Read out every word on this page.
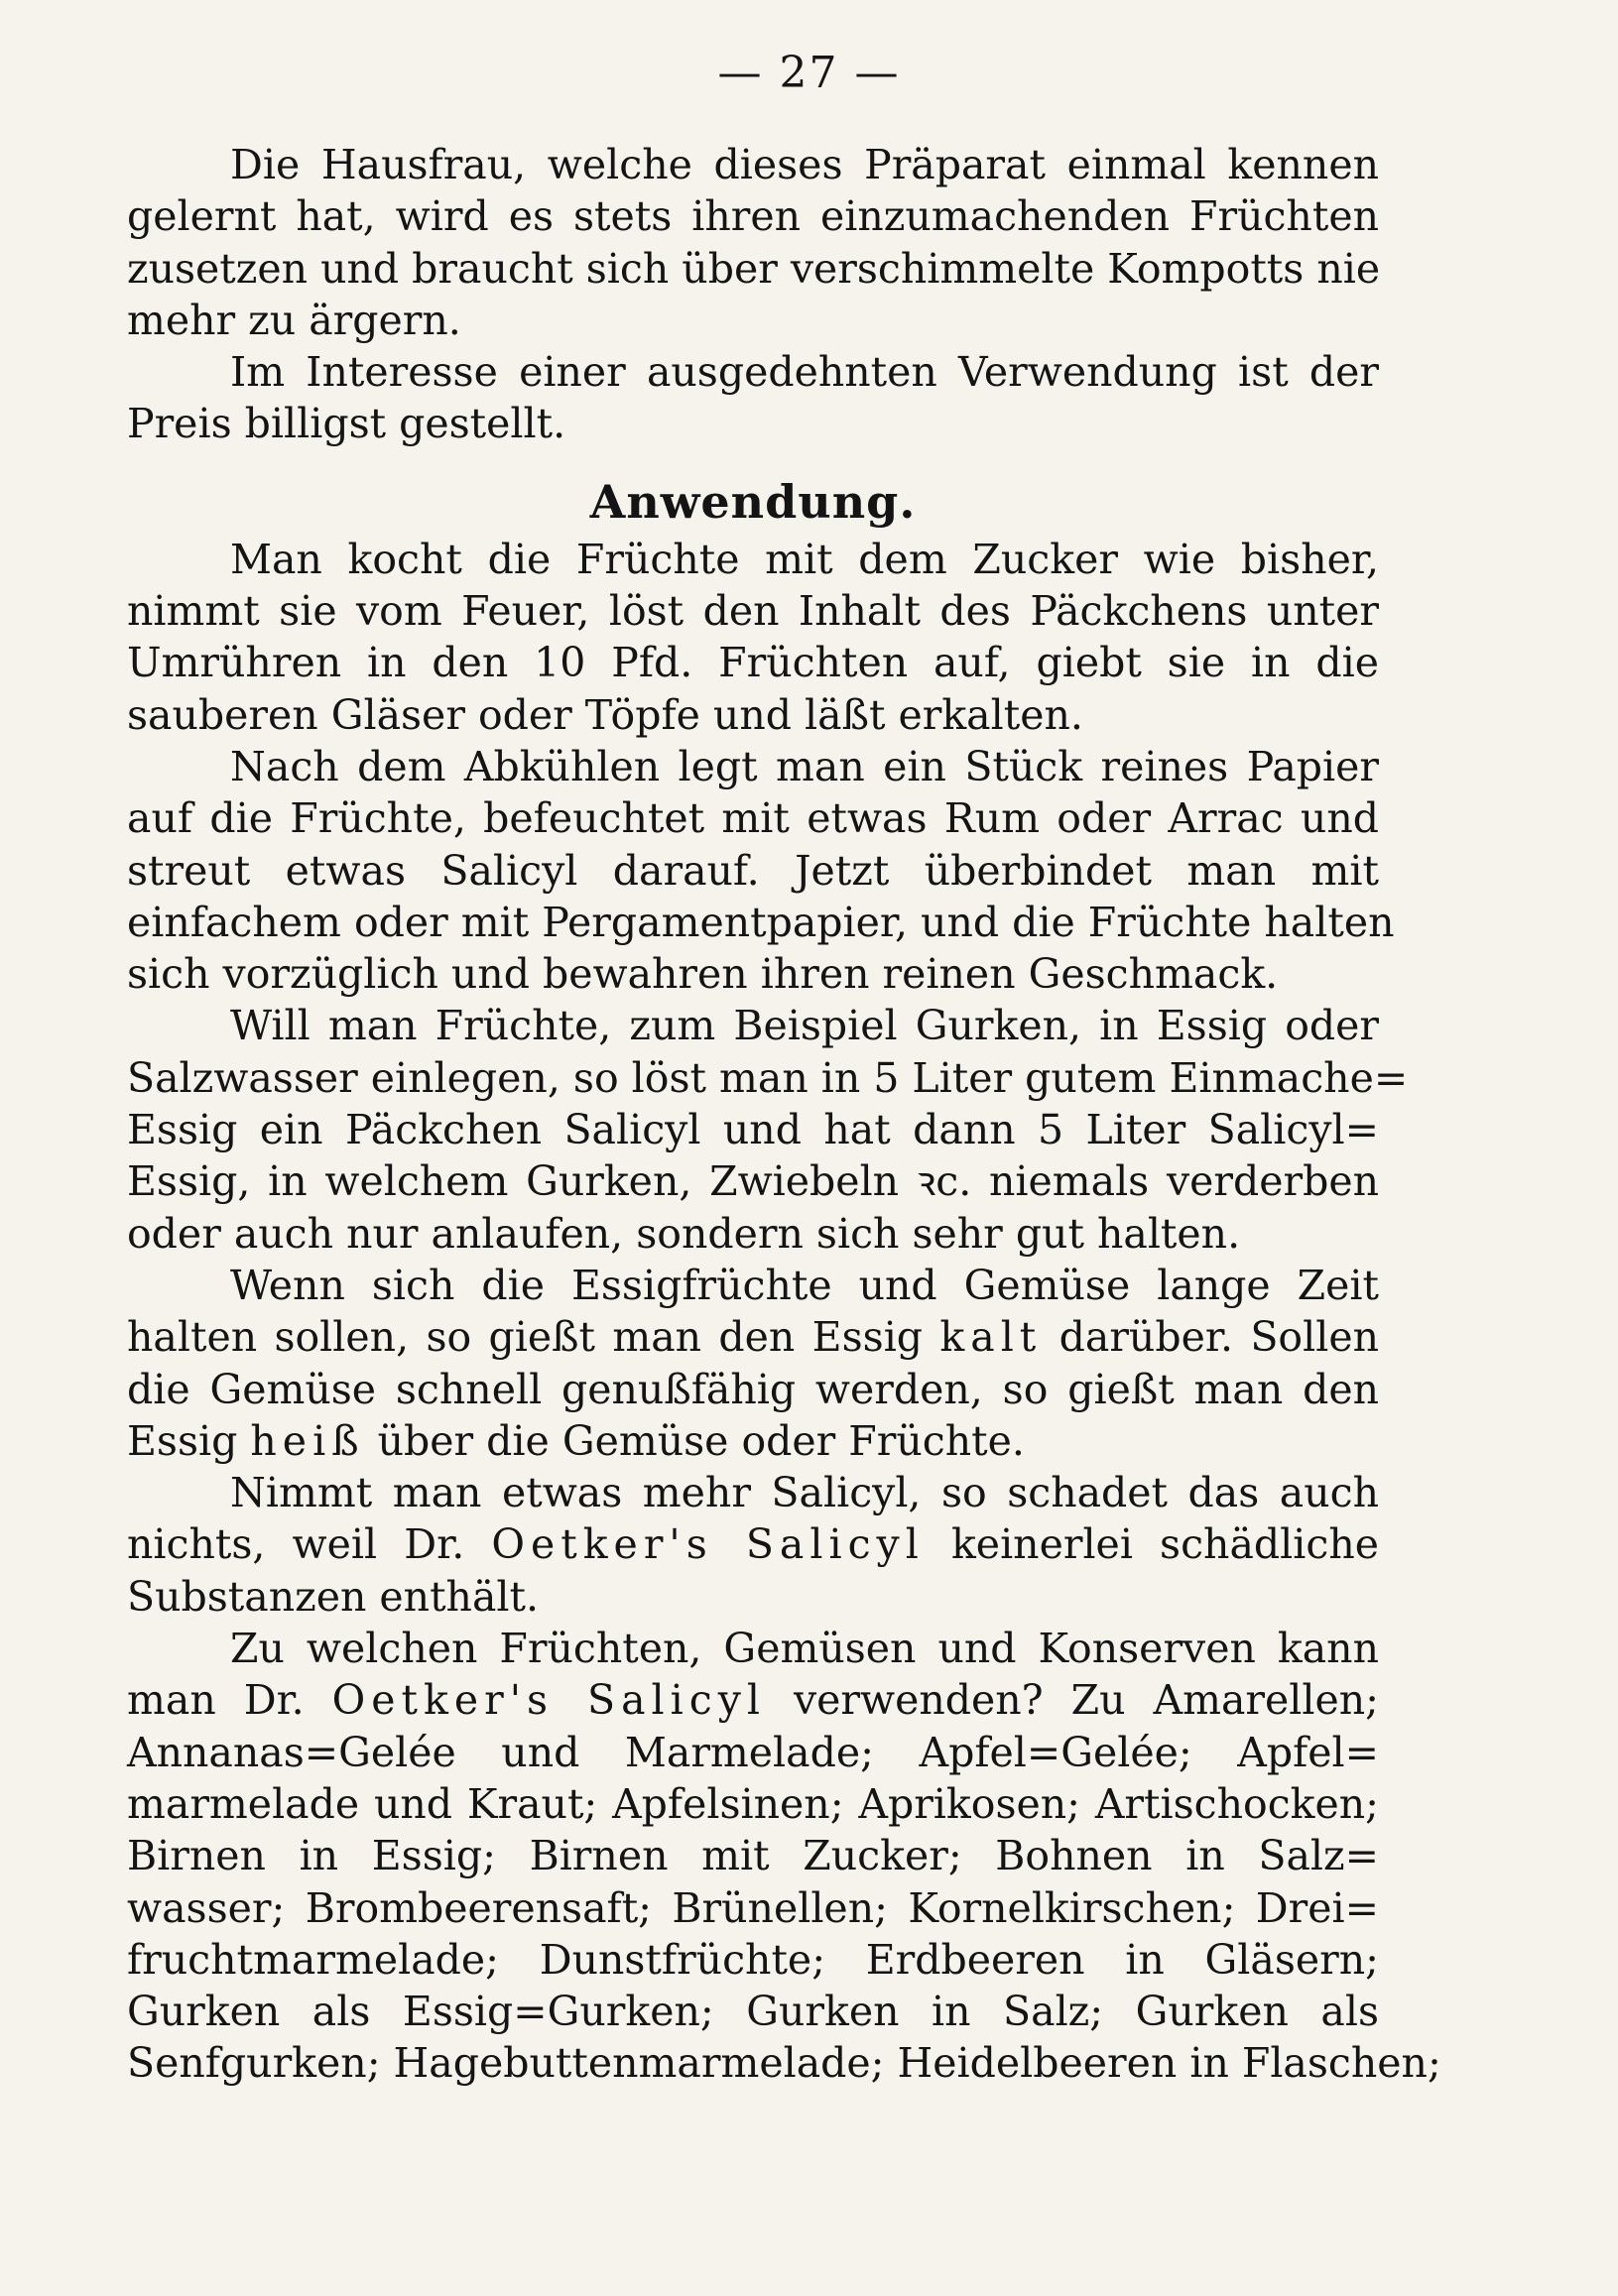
— 27 —
Die Hausfrau, welche dieses Präparat einmal kennen
gelernt hat, wird es stets ihren einzumachenden Früchten
zusetzen und braucht sich über verschimmelte Kompotts nie
mehr zu ärgern.
Im Interesse einer ausgedehnten Verwendung ist der
Preis billigst gestellt.
Anwendung.
Man kocht die Früchte mit dem Zucker wie bisher,
nimmt sie vom Feuer, löst den Inhalt des Päckchens unter
Umrühren in den 10 Pfd. Früchten auf, giebt sie in die
sauberen Gläser oder Töpfe und läßt erkalten.
Nach dem Abkühlen legt man ein Stück reines Papier
auf die Früchte, befeuchtet mit etwas Rum oder Arrac und
streut etwas Salicyl darauf. Jetzt überbindet man mit
einfachem oder mit Pergamentpapier, und die Früchte halten
sich vorzüglich und bewahren ihren reinen Geschmack.
Will man Früchte, zum Beispiel Gurken, in Essig oder
Salzwasser einlegen, so löst man in 5 Liter gutem Einmache=
Essig ein Päckchen Salicyl und hat dann 5 Liter Salicyl=
Essig, in welchem Gurken, Zwiebeln ꝛc. niemals verderben
oder auch nur anlaufen, sondern sich sehr gut halten.
Wenn sich die Essigfrüchte und Gemüse lange Zeit
halten sollen, so gießt man den Essig kalt darüber. Sollen
die Gemüse schnell genußfähig werden, so gießt man den
Essig heiß über die Gemüse oder Früchte.
Nimmt man etwas mehr Salicyl, so schadet das auch
nichts, weil Dr. Oetker's Salicyl keinerlei schädliche
Substanzen enthält.
Zu welchen Früchten, Gemüsen und Konserven kann
man Dr. Oetker's Salicyl verwenden? Zu Amarellen;
Annanas=Gelée und Marmelade; Apfel=Gelée; Apfel=
marmelade und Kraut; Apfelsinen; Aprikosen; Artischocken;
Birnen in Essig; Birnen mit Zucker; Bohnen in Salz=
wasser; Brombeerensaft; Brünellen; Kornelkirschen; Drei=
fruchtmarmelade; Dunstfrüchte; Erdbeeren in Gläsern;
Gurken als Essig=Gurken; Gurken in Salz; Gurken als
Senfgurken; Hagebuttenmarmelade; Heidelbeeren in Flaschen;
